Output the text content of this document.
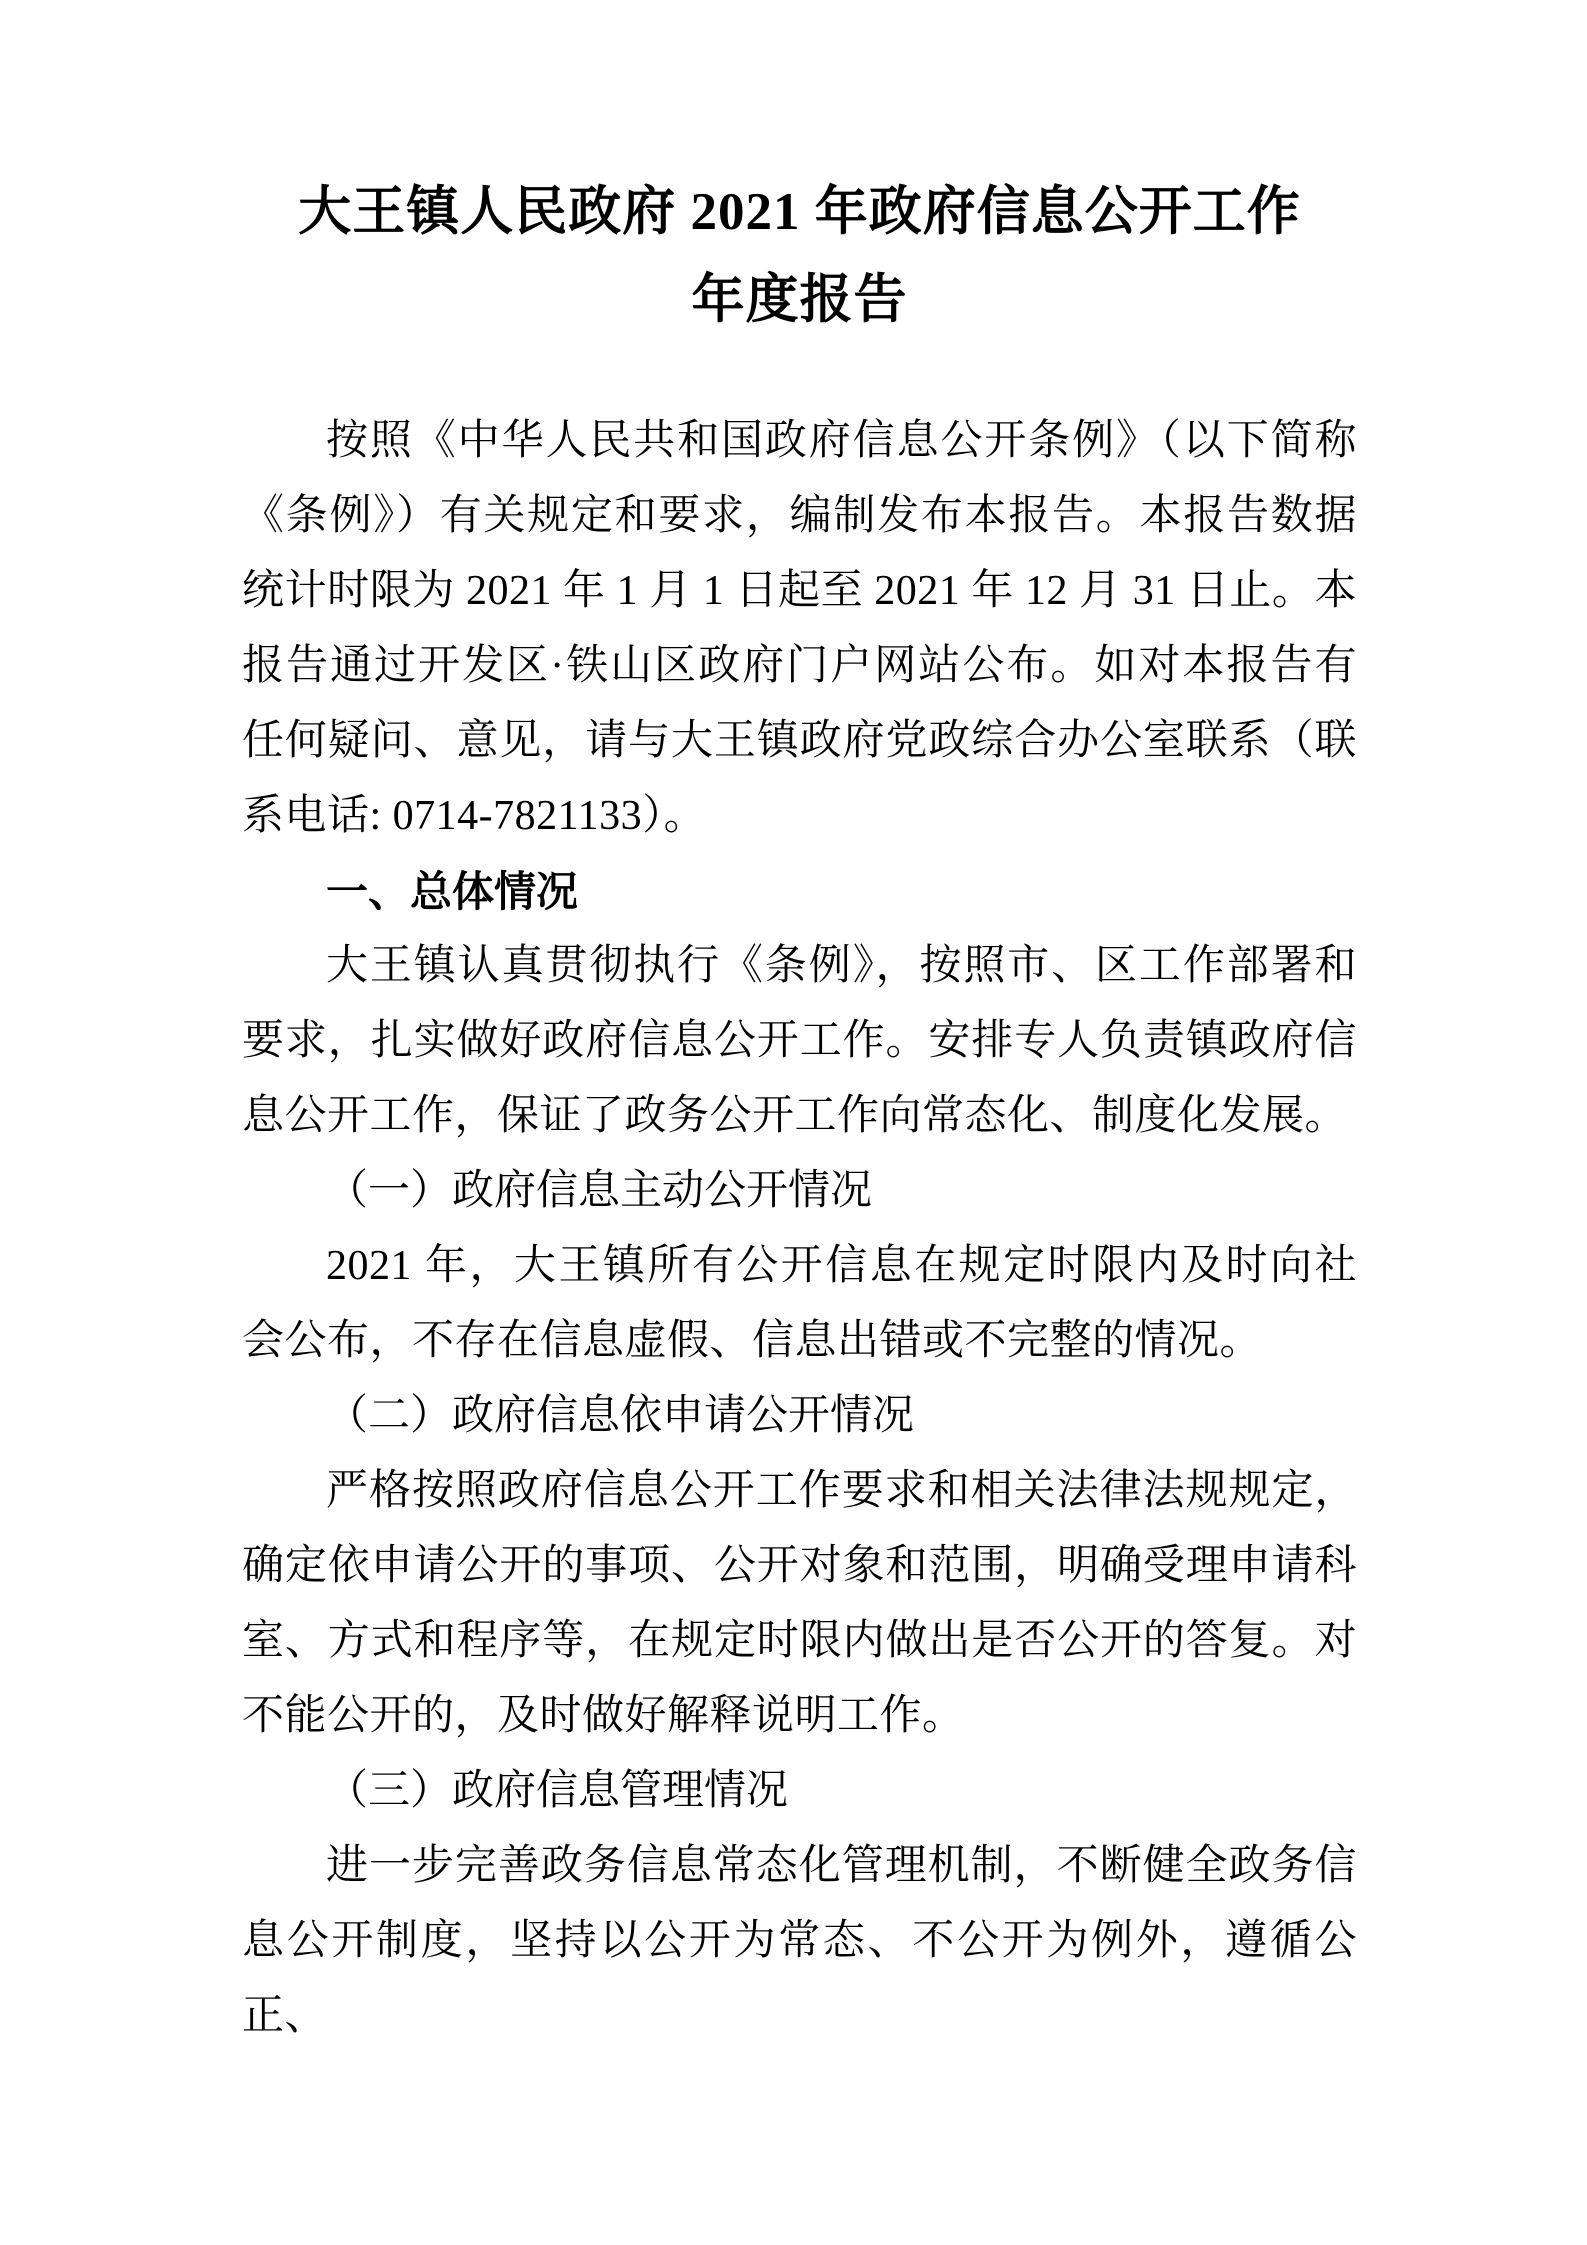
大王镇人民政府 2021 年政府信息公开工作
年度报告

按照《中华人民共和国政府信息公开条例》（以下简称《条例》）有关规定和要求，编制发布本报告。本报告数据统计时限为 2021 年 1 月 1 日起至 2021 年 12 月 31 日止。本报告通过开发区·铁山区政府门户网站公布。如对本报告有任何疑问、意见，请与大王镇政府党政综合办公室联系（联系电话: 0714-7821133）。

一、总体情况

大王镇认真贯彻执行《条例》，按照市、区工作部署和要求，扎实做好政府信息公开工作。安排专人负责镇政府信息公开工作，保证了政务公开工作向常态化、制度化发展。

（一）政府信息主动公开情况

2021 年，大王镇所有公开信息在规定时限内及时向社会公布，不存在信息虚假、信息出错或不完整的情况。

（二）政府信息依申请公开情况

严格按照政府信息公开工作要求和相关法律法规规定，确定依申请公开的事项、公开对象和范围，明确受理申请科室、方式和程序等，在规定时限内做出是否公开的答复。对不能公开的，及时做好解释说明工作。

（三）政府信息管理情况

进一步完善政务信息常态化管理机制，不断健全政务信息公开制度，坚持以公开为常态、不公开为例外，遵循公正、
